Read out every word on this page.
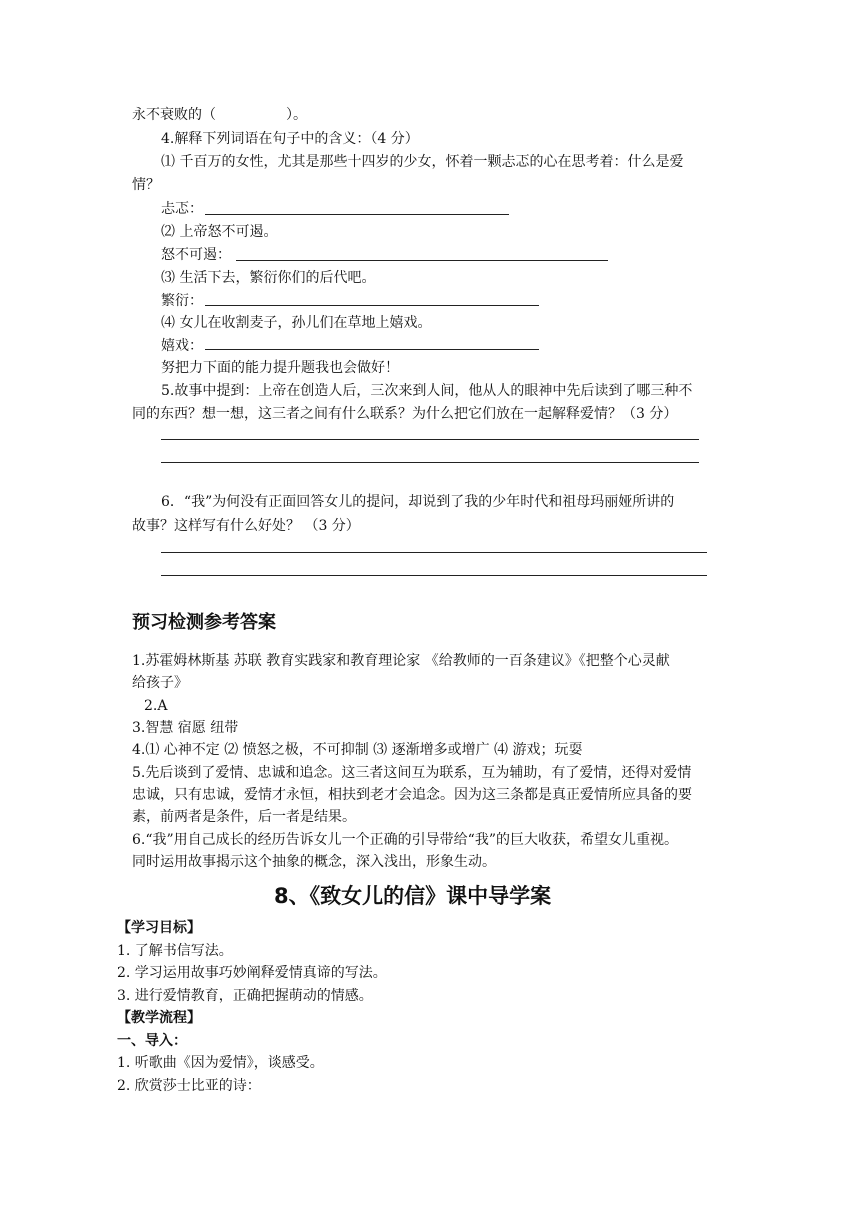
永不衰败的（　　　　　）。
4.解释下列词语在句子中的含义：（4 分）
⑴ 千百万的女性，尤其是那些十四岁的少女，怀着一颗忐忑的心在思考着：什么是爱
情？
忐忑：
⑵ 上帝怒不可遏。
怒不可遏：
⑶ 生活下去，繁衍你们的后代吧。
繁衍：
⑷ 女儿在收割麦子，孙儿们在草地上嬉戏。
嬉戏：
努把力下面的能力提升题我也会做好！
5.故事中提到：上帝在创造人后，三次来到人间，他从人的眼神中先后读到了哪三种不
同的东西？想一想，这三者之间有什么联系？为什么把它们放在一起解释爱情？（3 分）
6．“我”为何没有正面回答女儿的提问，却说到了我的少年时代和祖母玛丽娅所讲的
故事？这样写有什么好处？ （3 分）
预习检测参考答案
1.苏霍姆林斯基 苏联 教育实践家和教育理论家 《给教师的一百条建议》《把整个心灵献
给孩子》
2.A
3.智慧 宿愿 纽带
4.⑴ 心神不定 ⑵ 愤怒之极，不可抑制 ⑶ 逐渐增多或增广 ⑷ 游戏；玩耍
5.先后谈到了爱情、忠诚和追念。这三者这间互为联系，互为辅助，有了爱情，还得对爱情
忠诚，只有忠诚，爱情才永恒，相扶到老才会追念。因为这三条都是真正爱情所应具备的要
素，前两者是条件，后一者是结果。
6.“我”用自己成长的经历告诉女儿一个正确的引导带给“我”的巨大收获，希望女儿重视。
同时运用故事揭示这个抽象的概念，深入浅出，形象生动。
8、《致女儿的信》课中导学案
【学习目标】
1. 了解书信写法。
2. 学习运用故事巧妙阐释爱情真谛的写法。
3. 进行爱情教育，正确把握萌动的情感。
【教学流程】
一、导入：
1. 听歌曲《因为爱情》，谈感受。
2. 欣赏莎士比亚的诗：
